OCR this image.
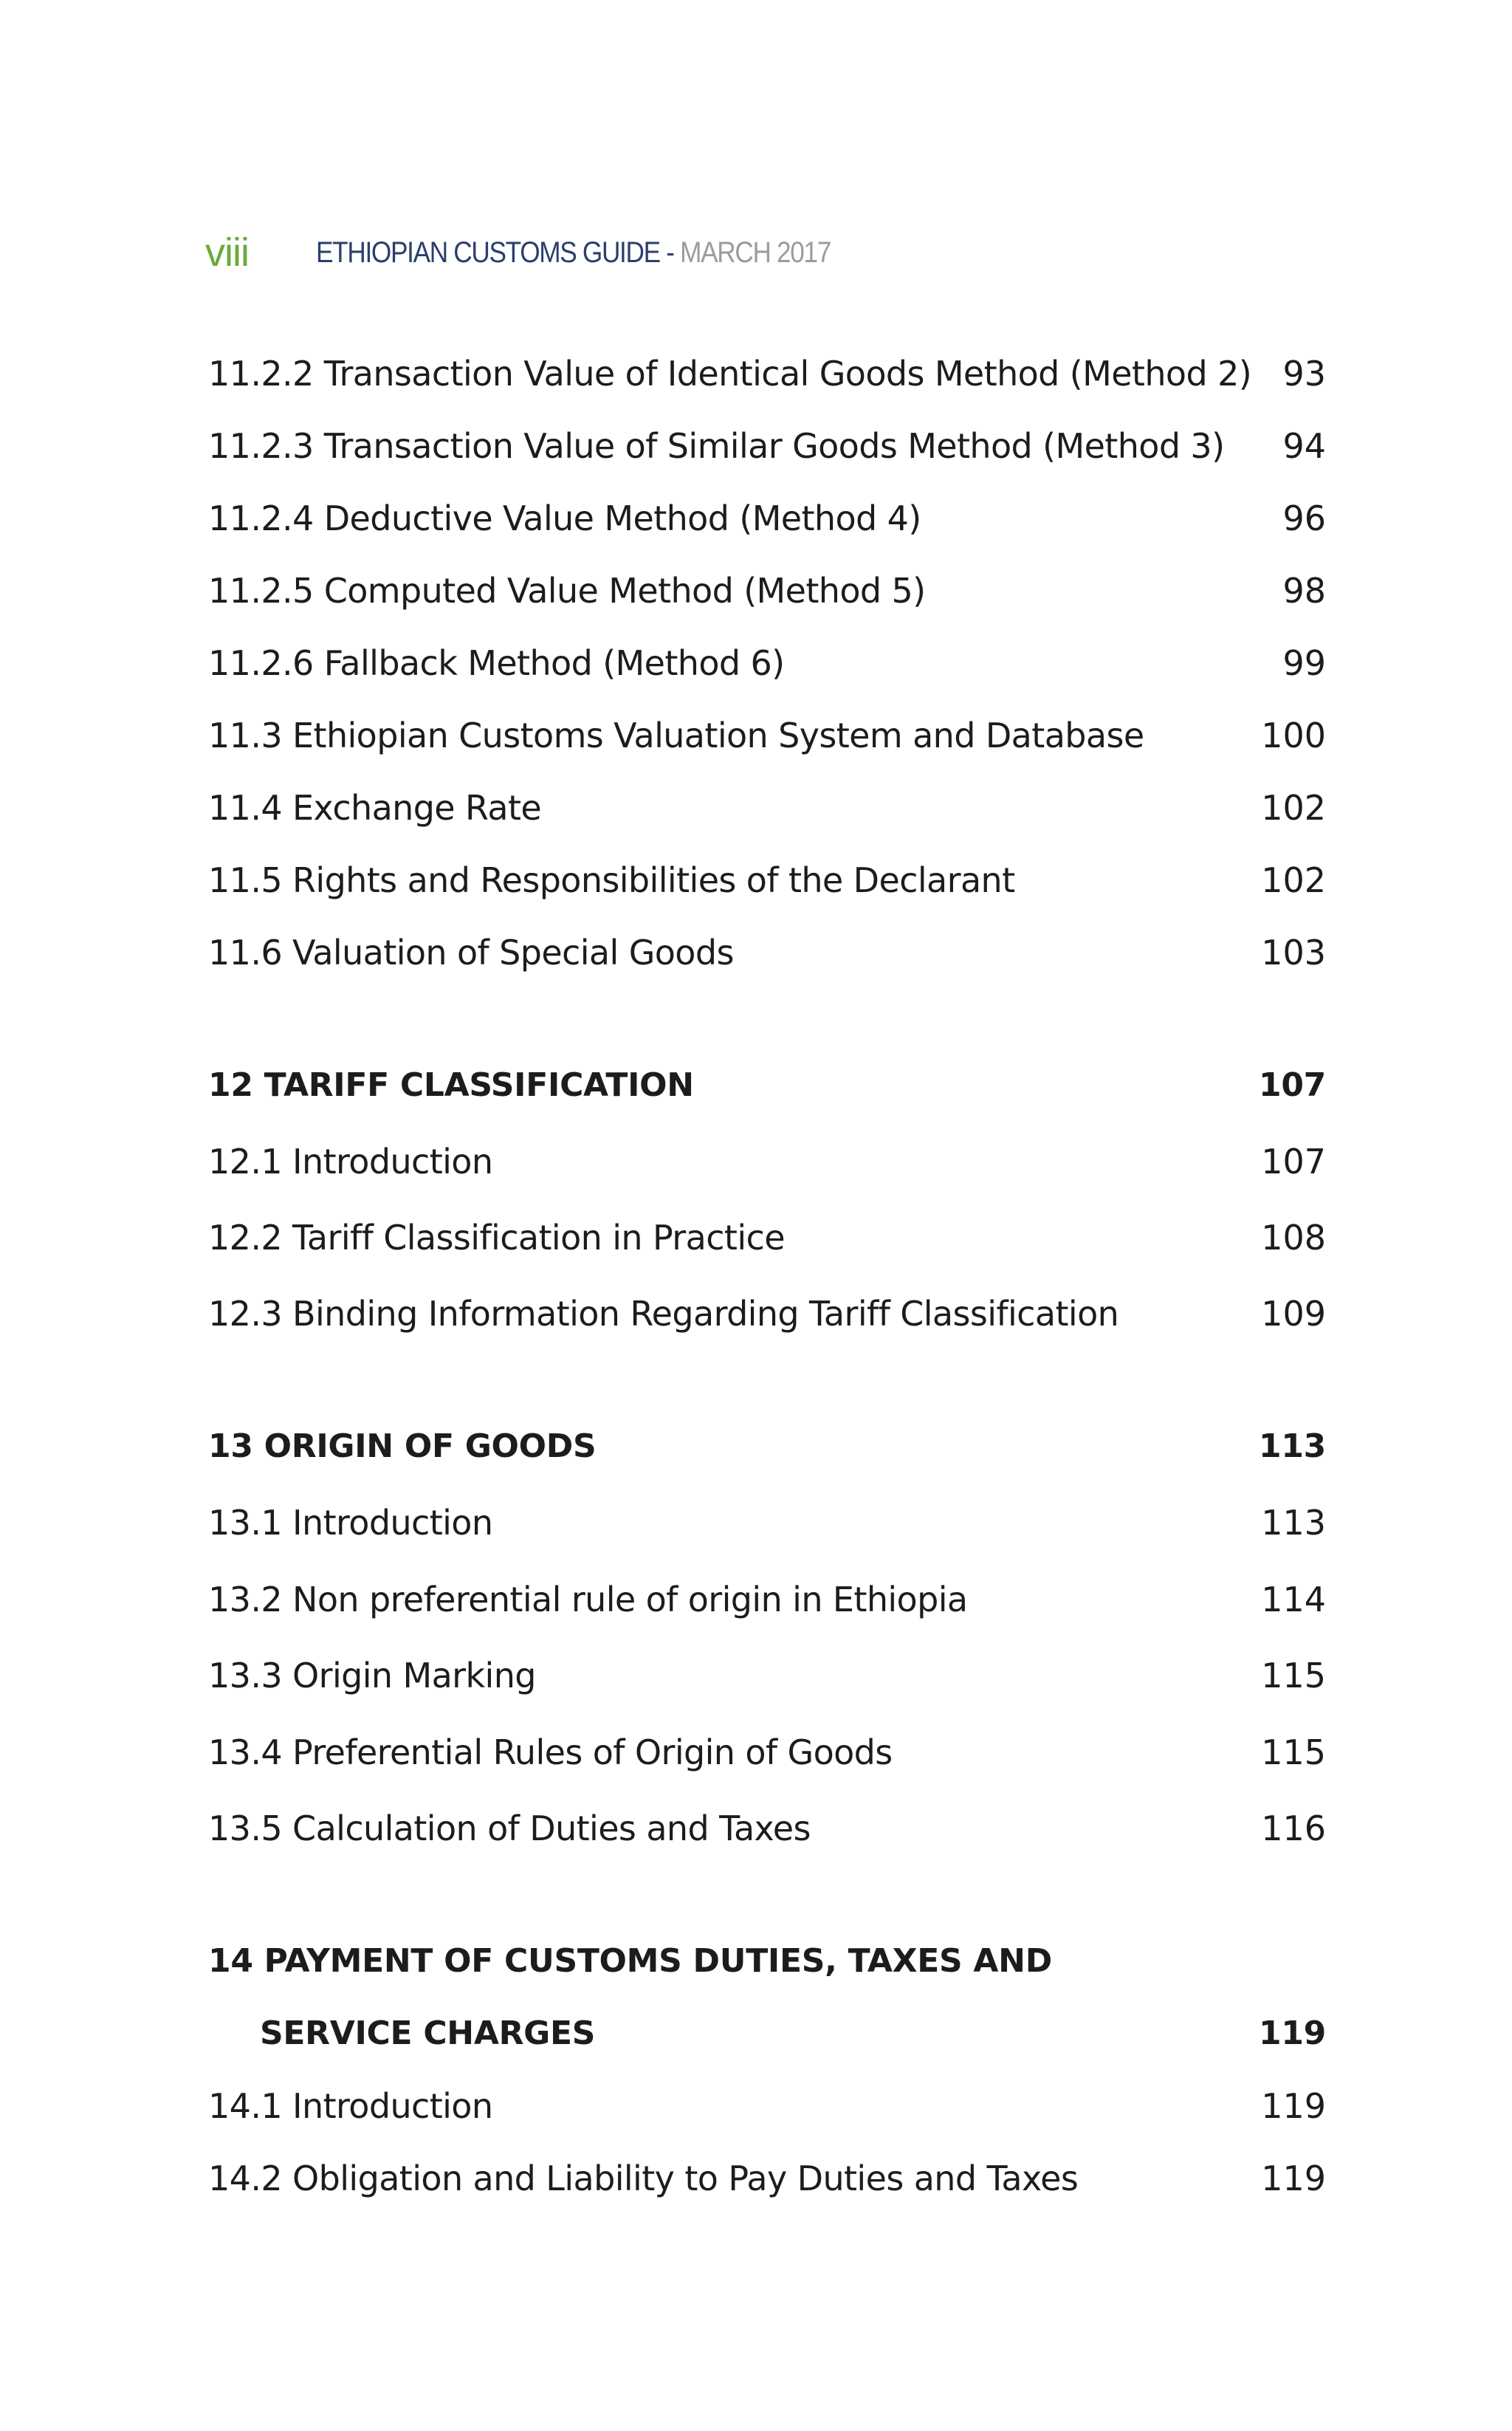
viii ETHIOPIAN CUSTOMS GUIDE - MARCH 2017
11.2.2 Transaction Value of Identical Goods Method (Method 2) 93
11.2.3 Transaction Value of Similar Goods Method (Method 3) 94
11.2.4 Deductive Value Method (Method 4)	96
11.2.5 Computed Value Method (Method 5)	98
11.2.6 Fallback Method (Method 6)	99
11.3 Ethiopian Customs Valuation System and Database	100
11.4 Exchange Rate	102
11.5 Rights and Responsibilities of the Declarant	102
11.6 Valuation of Special Goods	103
12 TARIFF CLASSIFICATION	107
12.1 Introduction	107
12.2 Tariff Classification in Practice	108
12.3 Binding Information Regarding Tariff Classification	109
13 ORIGIN OF GOODS	113
13.1 Introduction	113
13.2 Non preferential rule of origin in Ethiopia	114
13.3 Origin Marking	115
13.4 Preferential Rules of Origin of Goods	115
13.5 Calculation of Duties and Taxes	116
14 PAYMENT OF CUSTOMS DUTIES, TAXES AND
SERVICE CHARGES	119
14.1 Introduction	119
14.2 Obligation and Liability to Pay Duties and Taxes	119
